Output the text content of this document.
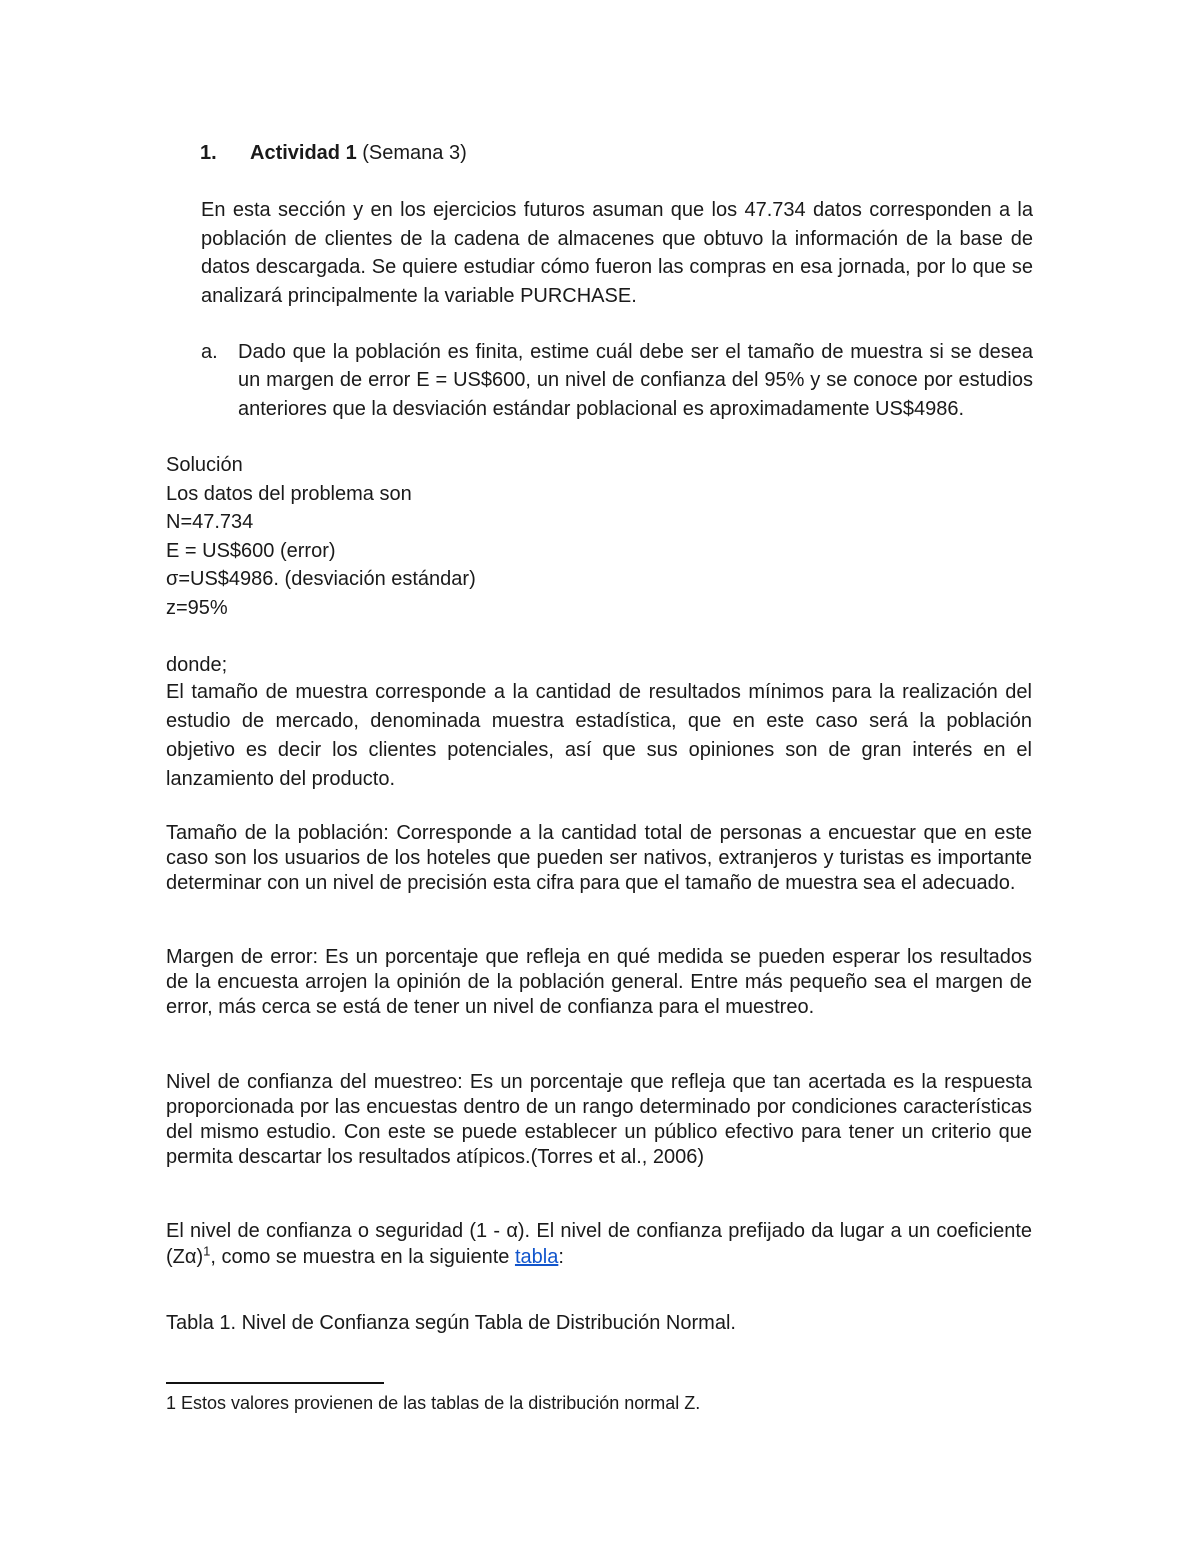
1. Actividad 1 (Semana 3)

En esta sección y en los ejercicios futuros asuman que los 47.734 datos corresponden a la población de clientes de la cadena de almacenes que obtuvo la información de la base de datos descargada. Se quiere estudiar cómo fueron las compras en esa jornada, por lo que se analizará principalmente la variable PURCHASE.

a. Dado que la población es finita, estime cuál debe ser el tamaño de muestra si se desea un margen de error E = US$600, un nivel de confianza del 95% y se conoce por estudios anteriores que la desviación estándar poblacional es aproximadamente US$4986.
Solución
Los datos del problema son
N=47.734
E = US$600 (error)
σ=US$4986. (desviación estándar)
z=95%

donde;

El tamaño de muestra corresponde a la cantidad de resultados mínimos para la realización del estudio de mercado, denominada muestra estadística, que en este caso será la población objetivo es decir los clientes potenciales, así que sus opiniones son de gran interés en el lanzamiento del producto.

Tamaño de la población: Corresponde a la cantidad total de personas a encuestar que en este caso son los usuarios de los hoteles que pueden ser nativos, extranjeros y turistas es importante determinar con un nivel de precisión esta cifra para que el tamaño de muestra sea el adecuado.

Margen de error: Es un porcentaje que refleja en qué medida se pueden esperar los resultados de la encuesta arrojen la opinión de la población general. Entre más pequeño sea el margen de error, más cerca se está de tener un nivel de confianza para el muestreo.

Nivel de confianza del muestreo: Es un porcentaje que refleja que tan acertada es la respuesta proporcionada por las encuestas dentro de un rango determinado por condiciones características del mismo estudio. Con este se puede establecer un público efectivo para tener un criterio que permita descartar los resultados atípicos.(Torres et al., 2006)

El nivel de confianza o seguridad (1 - α). El nivel de confianza prefijado da lugar a un coeficiente $(Z\alpha)^1$, como se muestra en la siguiente tabla:

Tabla 1. Nivel de Confianza según Tabla de Distribución Normal.
1 Estos valores provienen de las tablas de la distribución normal Z.
